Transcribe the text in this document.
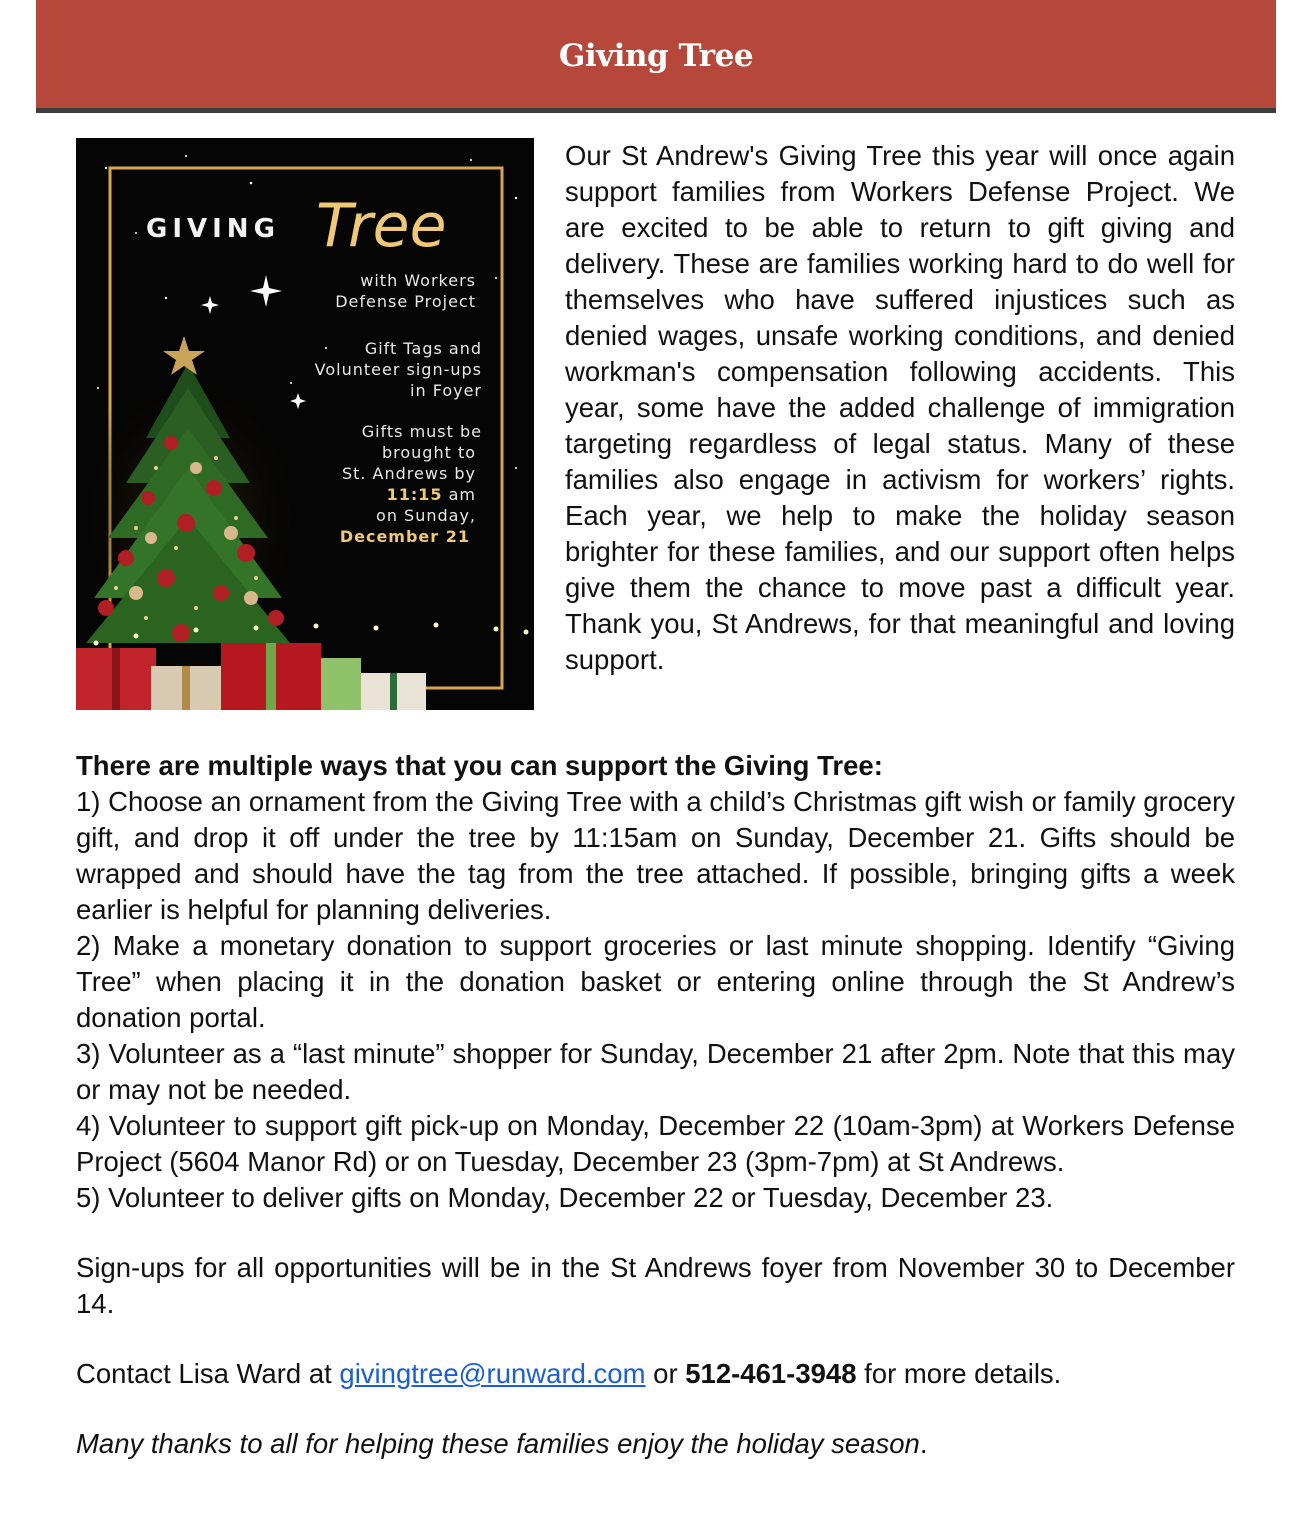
Giving Tree
GIVING Tree
with Workers
Defense Project
Gift Tags and
Volunteer sign-ups
in Foyer
Gifts must be
brought to
St. Andrews by
11:15 am
on Sunday,
December 21

Our St Andrew's Giving Tree this year will once again support families from Workers Defense Project. We are excited to be able to return to gift giving and delivery. These are families working hard to do well for themselves who have suffered injustices such as denied wages, unsafe working conditions, and denied workman's compensation following accidents. This year, some have the added challenge of immigration targeting regardless of legal status. Many of these families also engage in activism for workers’ rights. Each year, we help to make the holiday season brighter for these families, and our support often helps give them the chance to move past a difficult year. Thank you, St Andrews, for that meaningful and loving support.

There are multiple ways that you can support the Giving Tree:

1) Choose an ornament from the Giving Tree with a child’s Christmas gift wish or family grocery gift, and drop it off under the tree by 11:15am on Sunday, December 21. Gifts should be wrapped and should have the tag from the tree attached. If possible, bringing gifts a week earlier is helpful for planning deliveries.

2) Make a monetary donation to support groceries or last minute shopping. Identify “Giving Tree” when placing it in the donation basket or entering online through the St Andrew’s donation portal.

3) Volunteer as a “last minute” shopper for Sunday, December 21 after 2pm. Note that this may or may not be needed.

4) Volunteer to support gift pick-up on Monday, December 22 (10am-3pm) at Workers Defense Project (5604 Manor Rd) or on Tuesday, December 23 (3pm-7pm) at St Andrews.

5) Volunteer to deliver gifts on Monday, December 22 or Tuesday, December 23.

Sign-ups for all opportunities will be in the St Andrews foyer from November 30 to December 14.

Contact Lisa Ward at givingtree@runward.com or 512-461-3948 for more details.

Many thanks to all for helping these families enjoy the holiday season.
